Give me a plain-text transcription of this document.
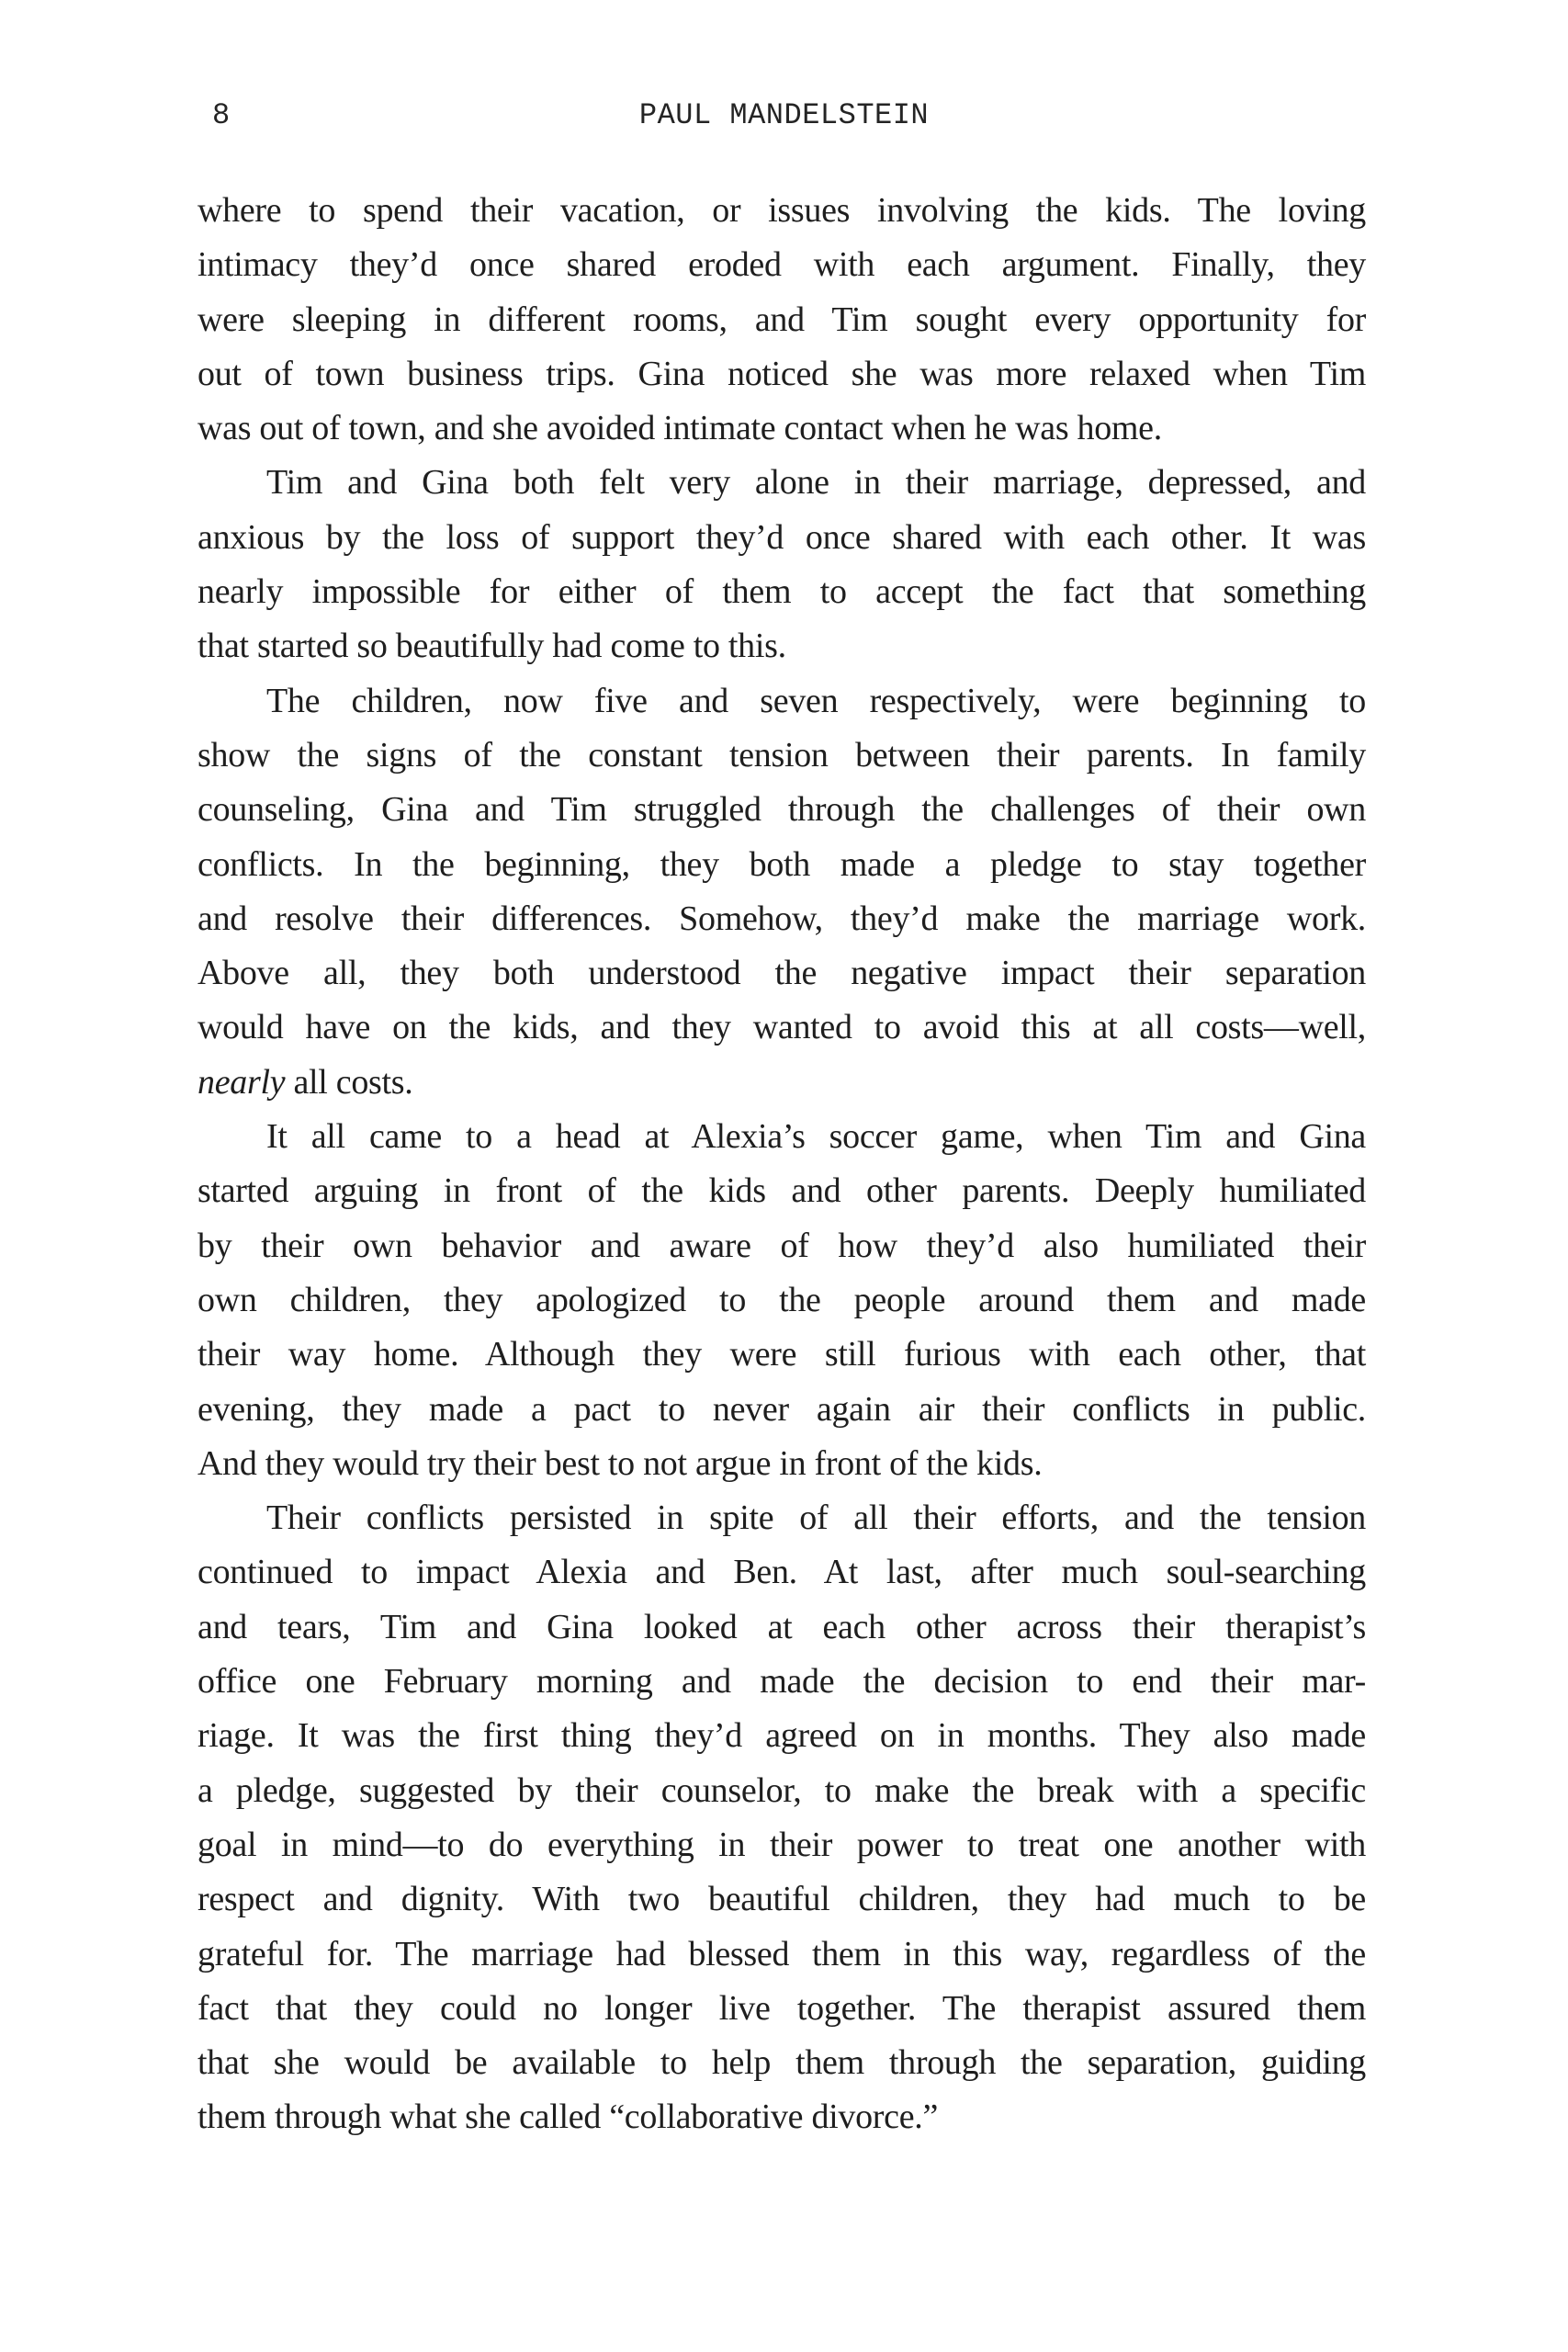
8	PAUL MANDELSTEIN
where to spend their vacation, or issues involving the kids. The loving
intimacy they’d once shared eroded with each argument. Finally, they
were sleeping in different rooms, and Tim sought every opportunity for
out of town business trips. Gina noticed she was more relaxed when Tim
was out of town, and she avoided intimate contact when he was home.
Tim and Gina both felt very alone in their marriage, depressed, and
anxious by the loss of support they’d once shared with each other. It was
nearly impossible for either of them to accept the fact that something
that started so beautifully had come to this.
The children, now five and seven respectively, were beginning to
show the signs of the constant tension between their parents. In family
counseling, Gina and Tim struggled through the challenges of their own
conflicts. In the beginning, they both made a pledge to stay together
and resolve their differences. Somehow, they’d make the marriage work.
Above all, they both understood the negative impact their separation
would have on the kids, and they wanted to avoid this at all costs—well,
nearly all costs.
It all came to a head at Alexia’s soccer game, when Tim and Gina
started arguing in front of the kids and other parents. Deeply humiliated
by their own behavior and aware of how they’d also humiliated their
own children, they apologized to the people around them and made
their way home. Although they were still furious with each other, that
evening, they made a pact to never again air their conflicts in public.
And they would try their best to not argue in front of the kids.
Their conflicts persisted in spite of all their efforts, and the tension
continued to impact Alexia and Ben. At last, after much soul-searching
and tears, Tim and Gina looked at each other across their therapist’s
office one February morning and made the decision to end their mar-
riage. It was the first thing they’d agreed on in months. They also made
a pledge, suggested by their counselor, to make the break with a specific
goal in mind—to do everything in their power to treat one another with
respect and dignity. With two beautiful children, they had much to be
grateful for. The marriage had blessed them in this way, regardless of the
fact that they could no longer live together. The therapist assured them
that she would be available to help them through the separation, guiding
them through what she called “collaborative divorce.”
